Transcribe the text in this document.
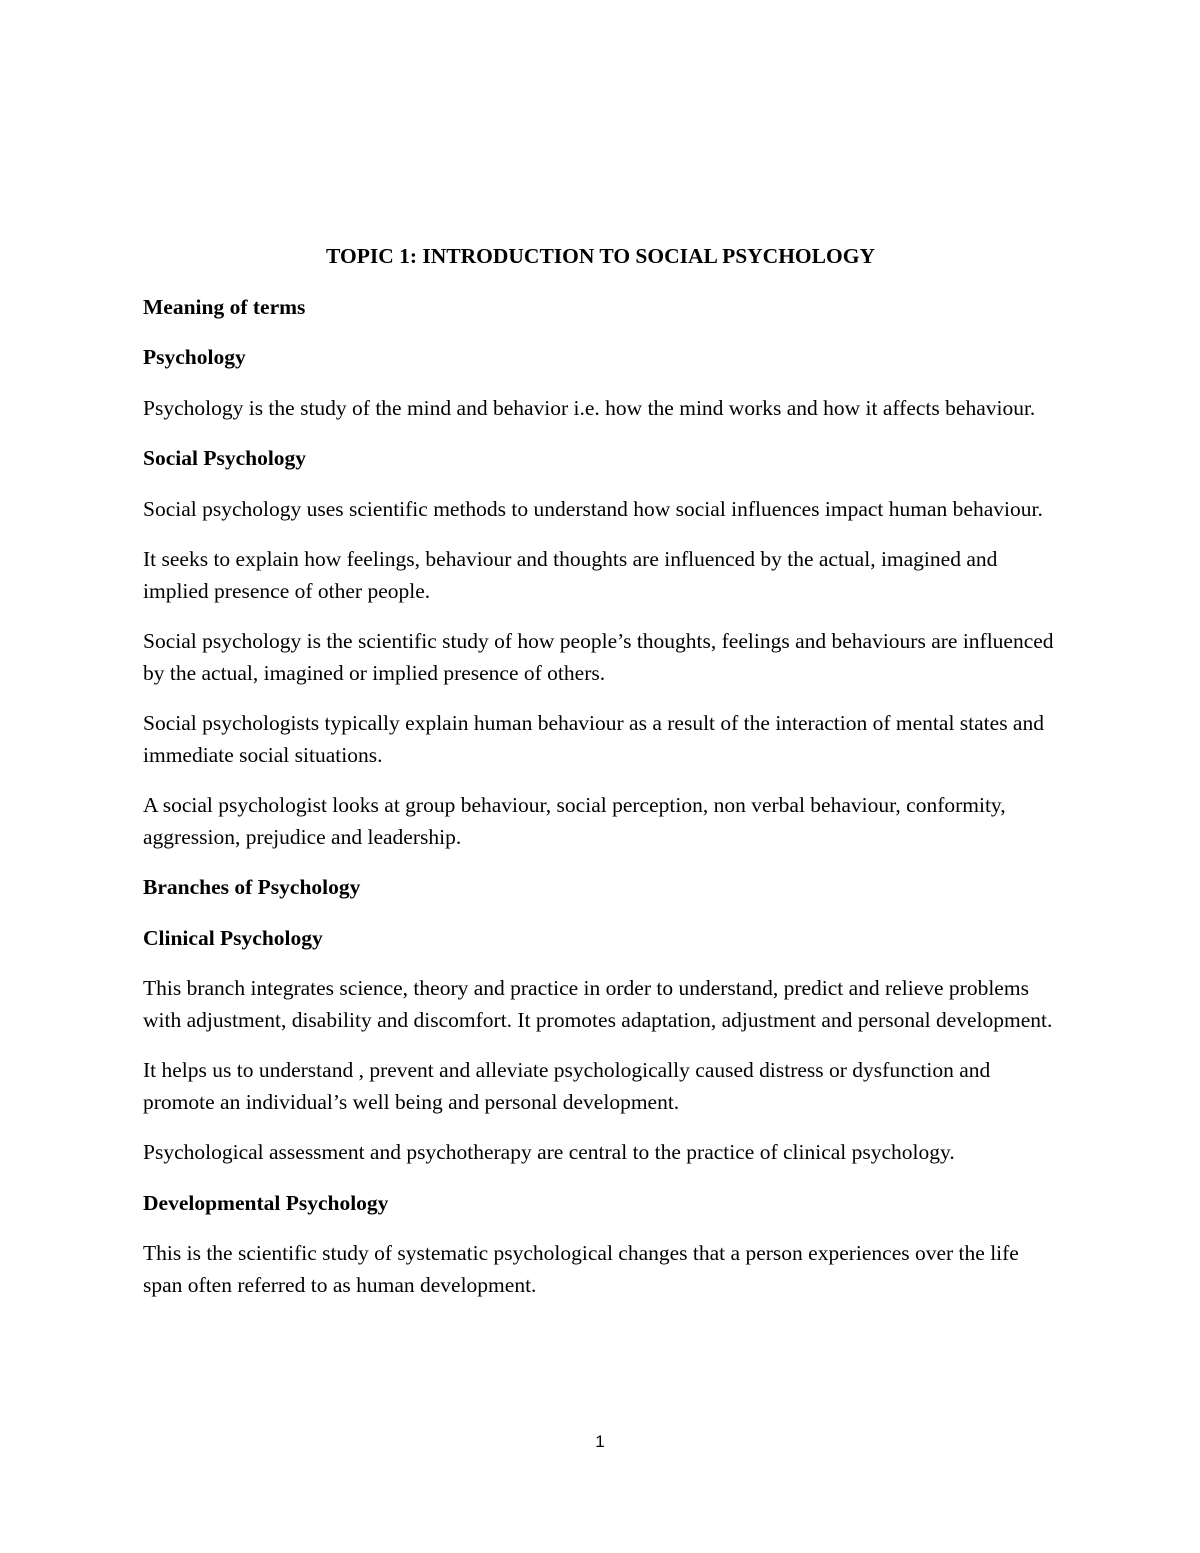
TOPIC 1: INTRODUCTION TO SOCIAL PSYCHOLOGY
Meaning of terms
Psychology
Psychology is the study of the mind and behavior i.e. how the mind works and how it affects behaviour.
Social Psychology
Social psychology uses scientific methods to understand how social influences impact human behaviour.
It seeks to explain how feelings, behaviour and thoughts are influenced by the actual, imagined and implied presence of other people.
Social psychology is the scientific study of how people’s thoughts, feelings and behaviours are influenced by the actual, imagined or implied presence of others.
Social psychologists typically explain human behaviour as a result of the interaction of mental states and immediate social situations.
A social psychologist looks at group behaviour, social perception, non verbal behaviour, conformity, aggression, prejudice and leadership.
Branches of Psychology
Clinical Psychology
This branch integrates science, theory and practice in order to understand, predict and relieve problems with adjustment, disability and discomfort. It promotes adaptation, adjustment and personal development.
It helps us to understand , prevent and alleviate psychologically caused distress or dysfunction and promote an individual’s well being and personal development.
Psychological assessment and psychotherapy are central to the practice of clinical psychology.
Developmental Psychology
This is the scientific study of systematic psychological changes that a person experiences over the life span often referred to as human development.
1
